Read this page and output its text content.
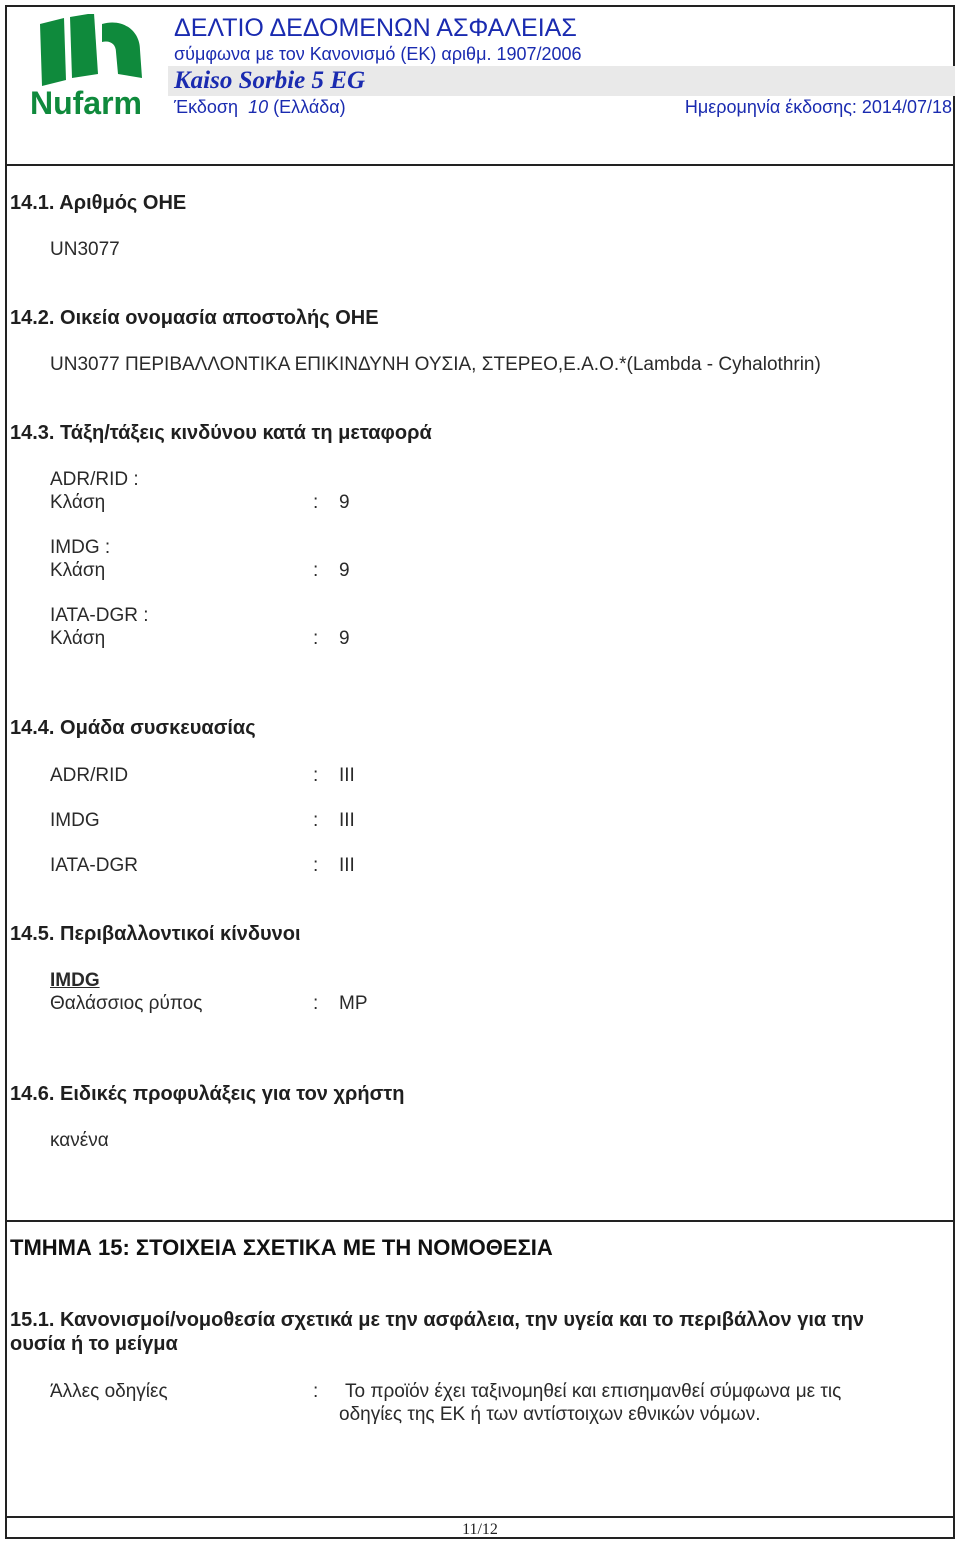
Nufarm
ΔΕΛΤΙΟ ΔΕΔΟΜΕΝΩΝ ΑΣΦΑΛΕΙΑΣ
σύμφωνα με τον Κανονισμό (ΕΚ) αριθμ. 1907/2006
Kaiso Sorbie 5 EG
Έκδοση 10 (Ελλάδα)	Ημερομηνία έκδοσης: 2014/07/18
14.1. Αριθμός ΟΗΕ
UN3077
14.2. Οικεία ονομασία αποστολής ΟΗΕ
UN3077 ΠΕΡΙΒΑΛΛΟΝΤΙΚΑ ΕΠΙΚΙΝΔΥΝΗ ΟΥΣΙΑ, ΣΤΕΡΕΟ,Ε.Α.Ο.*(Lambda - Cyhalothrin)
14.3. Τάξη/τάξεις κινδύνου κατά τη μεταφορά
ADR/RID :
Κλάση	: 9
IMDG :
Κλάση	: 9
IATA-DGR :
Κλάση	: 9
14.4. Ομάδα συσκευασίας
ADR/RID	: III
IMDG	: III
IATA-DGR	: III
14.5. Περιβαλλοντικοί κίνδυνοι
IMDG
Θαλάσσιος ρύπος	: MP
14.6. Ειδικές προφυλάξεις για τον χρήστη
κανένα
ΤΜΗΜΑ 15: ΣΤΟΙΧΕΙΑ ΣΧΕΤΙΚΑ ΜΕ ΤΗ ΝΟΜΟΘΕΣΙΑ
15.1. Κανονισμοί/νομοθεσία σχετικά με την ασφάλεια, την υγεία και το περιβάλλον για την
ουσία ή το μείγμα
Άλλες οδηγίες	: Το προϊόν έχει ταξινομηθεί και επισημανθεί σύμφωνα με τις
οδηγίες της ΕΚ ή των αντίστοιχων εθνικών νόμων.
11/12
